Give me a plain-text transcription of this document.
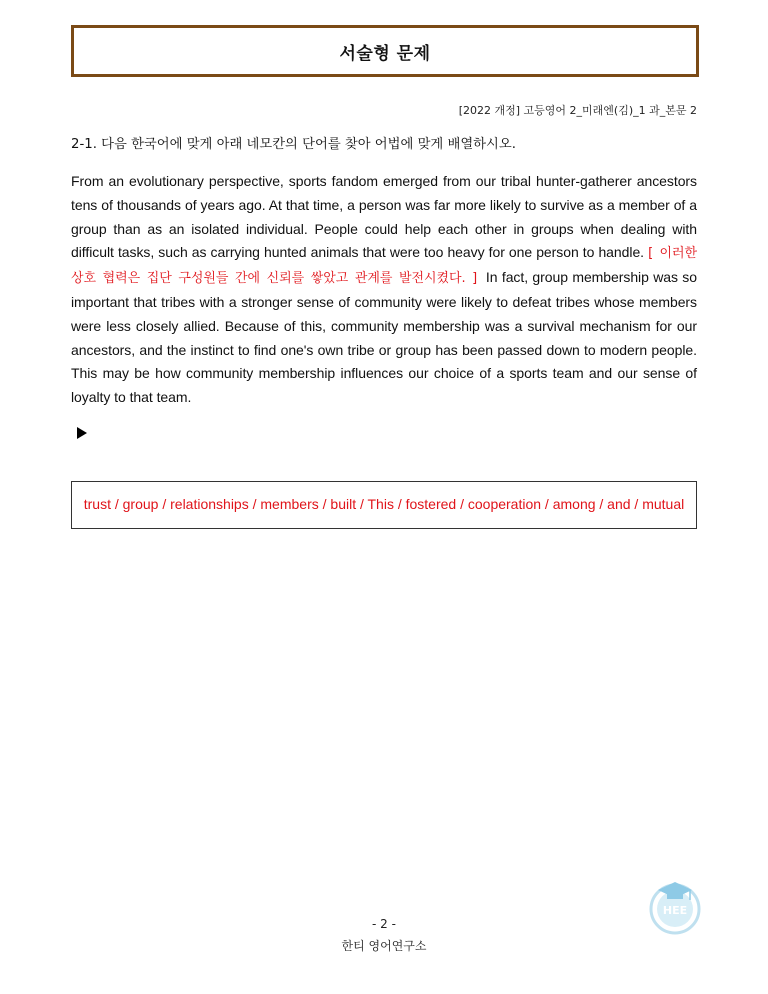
서술형 문제
[2022 개정] 고등영어 2_미래엔(김)_1 과_본문 2
2-1. 다음 한국어에 맞게 아래 네모칸의 단어를 찾아 어법에 맞게 배열하시오.
From an evolutionary perspective, sports fandom emerged from our tribal hunter-gatherer ancestors tens of thousands of years ago. At that time, a person was far more likely to survive as a member of a group than as an isolated individual. People could help each other in groups when dealing with difficult tasks, such as carrying hunted animals that were too heavy for one person to handle. [ 이러한 상호 협력은 집단 구성원들 간에 신뢰를 쌓았고 관계를 발전시켰다. ] In fact, group membership was so important that tribes with a stronger sense of community were likely to defeat tribes whose members were less closely allied. Because of this, community membership was a survival mechanism for our ancestors, and the instinct to find one's own tribe or group has been passed down to modern people. This may be how community membership influences our choice of a sports team and our sense of loyalty to that team.
trust / group / relationships / members / built / This / fostered / cooperation / among / and / mutual
- 2 -
한티 영어연구소
HEE
